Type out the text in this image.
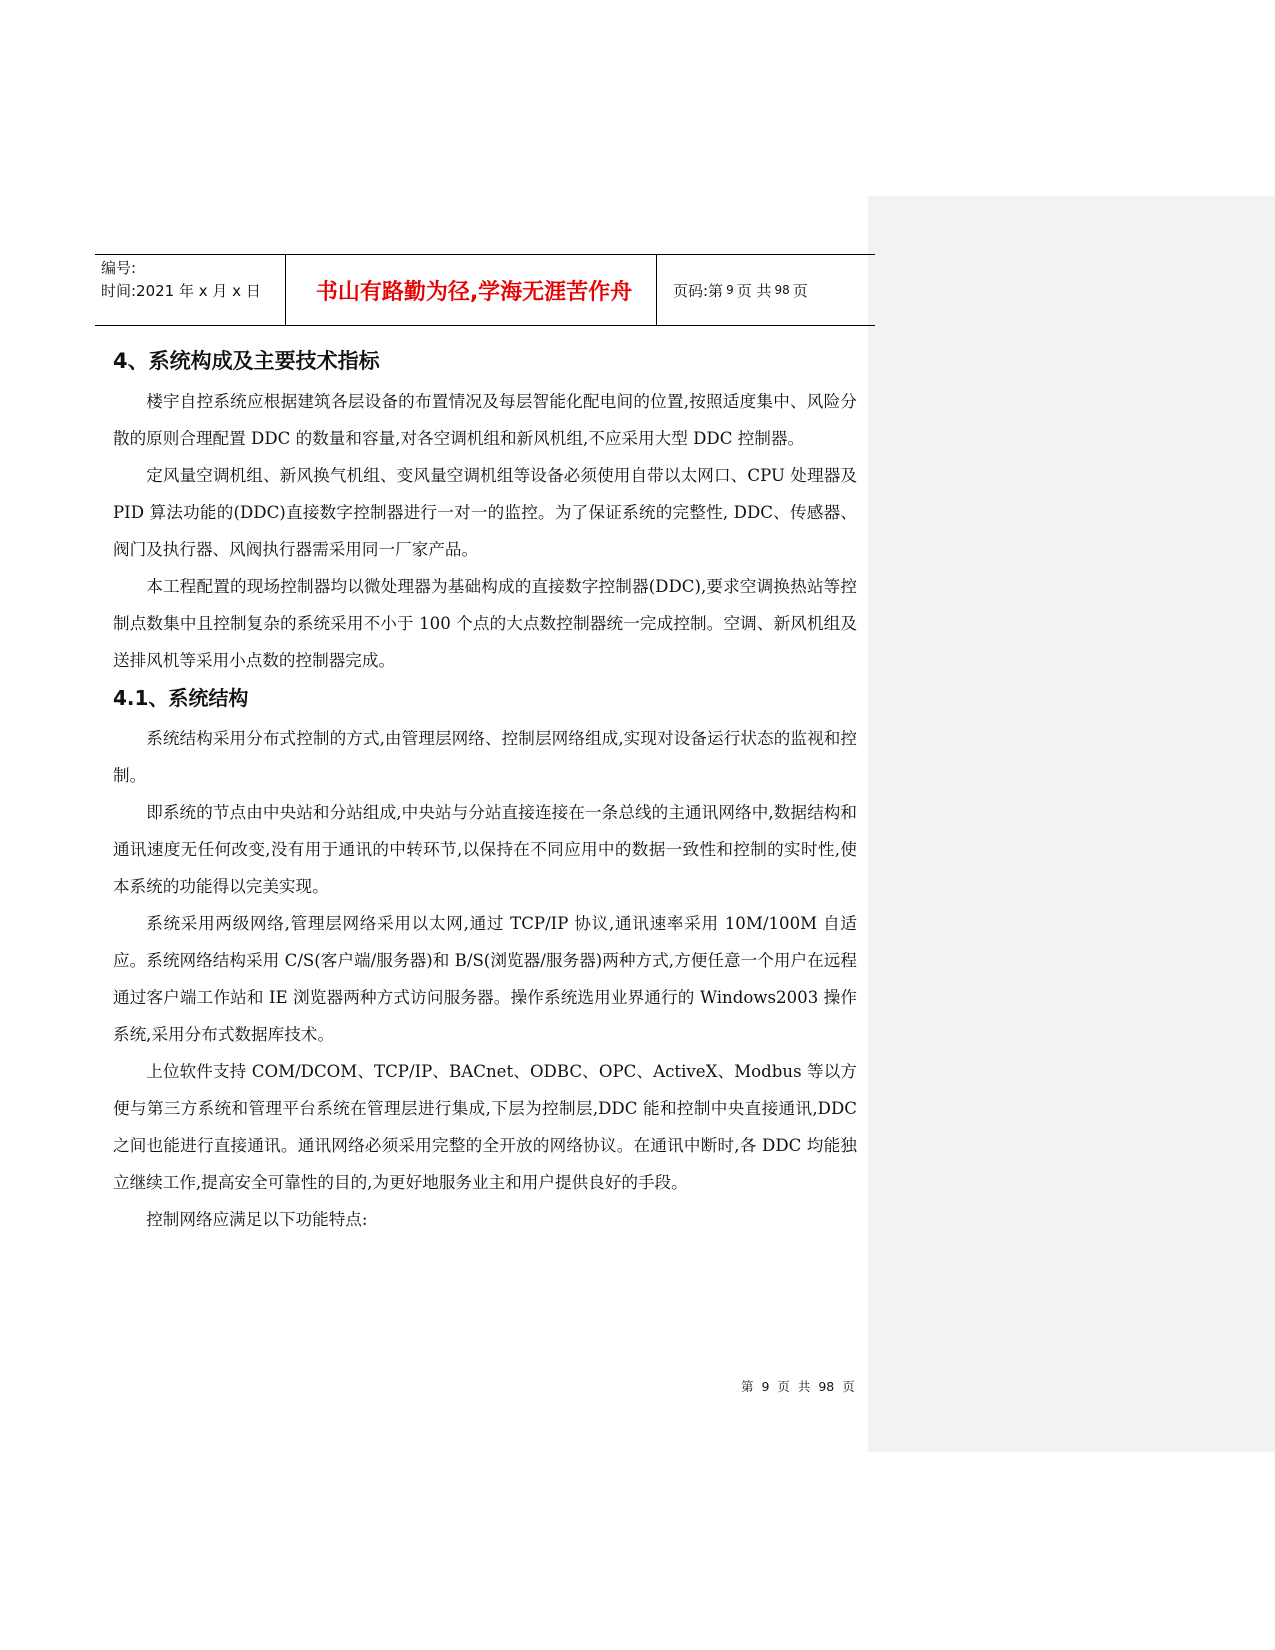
编号:
时间:2021 年 x 月 x 日	书山有路勤为径,学海无涯苦作舟	页码:第 9 页 共 98 页
4、系统构成及主要技术指标

楼宇自控系统应根据建筑各层设备的布置情况及每层智能化配电间的位置,按照适度集中、风险分散的原则合理配置 DDC 的数量和容量,对各空调机组和新风机组,不应采用大型 DDC 控制器。

定风量空调机组、新风换气机组、变风量空调机组等设备必须使用自带以太网口、CPU 处理器及 PID 算法功能的(DDC)直接数字控制器进行一对一的监控。为了保证系统的完整性, DDC、传感器、阀门及执行器、风阀执行器需采用同一厂家产品。

本工程配置的现场控制器均以微处理器为基础构成的直接数字控制器(DDC),要求空调换热站等控制点数集中且控制复杂的系统采用不小于 100 个点的大点数控制器统一完成控制。空调、新风机组及送排风机等采用小点数的控制器完成。

4.1、系统结构

系统结构采用分布式控制的方式,由管理层网络、控制层网络组成,实现对设备运行状态的监视和控制。

即系统的节点由中央站和分站组成,中央站与分站直接连接在一条总线的主通讯网络中,数据结构和通讯速度无任何改变,没有用于通讯的中转环节,以保持在不同应用中的数据一致性和控制的实时性,使本系统的功能得以完美实现。

系统采用两级网络,管理层网络采用以太网,通过 TCP/IP 协议,通讯速率采用 10M/100M 自适应。系统网络结构采用 C/S(客户端/服务器)和 B/S(浏览器/服务器)两种方式,方便任意一个用户在远程通过客户端工作站和 IE 浏览器两种方式访问服务器。操作系统选用业界通行的 Windows2003 操作系统,采用分布式数据库技术。

上位软件支持 COM/DCOM、TCP/IP、BACnet、ODBC、OPC、ActiveX、Modbus 等以方便与第三方系统和管理平台系统在管理层进行集成,下层为控制层,DDC 能和控制中央直接通讯,DDC 之间也能进行直接通讯。通讯网络必须采用完整的全开放的网络协议。在通讯中断时,各 DDC 均能独立继续工作,提高安全可靠性的目的,为更好地服务业主和用户提供良好的手段。

控制网络应满足以下功能特点:

第 9 页 共 98 页
